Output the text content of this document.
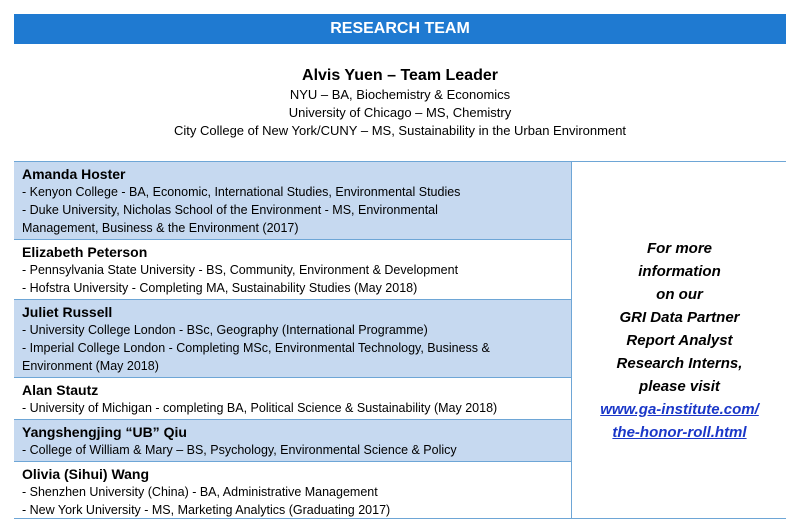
RESEARCH TEAM
Alvis Yuen – Team Leader
NYU – BA, Biochemistry & Economics
University of Chicago – MS, Chemistry
City College of New York/CUNY – MS, Sustainability in the Urban Environment
Amanda Hoster
- Kenyon College - BA, Economic, International Studies, Environmental Studies
- Duke University, Nicholas School of the Environment - MS, Environmental
Management, Business & the Environment (2017)
Elizabeth Peterson
- Pennsylvania State University - BS, Community, Environment & Development
- Hofstra University - Completing MA, Sustainability Studies (May 2018)
Juliet Russell
- University College London - BSc, Geography (International Programme)
- Imperial College London - Completing MSc, Environmental Technology, Business &
Environment (May 2018)
Alan Stautz
- University of Michigan - completing BA, Political Science & Sustainability (May 2018)
Yangshengjing “UB” Qiu
- College of William & Mary – BS, Psychology, Environmental Science & Policy
Olivia (Sihui) Wang
- Shenzhen University (China) - BA, Administrative Management
- New York University - MS, Marketing Analytics (Graduating 2017)
For more
information
on our
GRI Data Partner
Report Analyst
Research Interns,
please visit
www.ga-institute.com/
the-honor-roll.html
